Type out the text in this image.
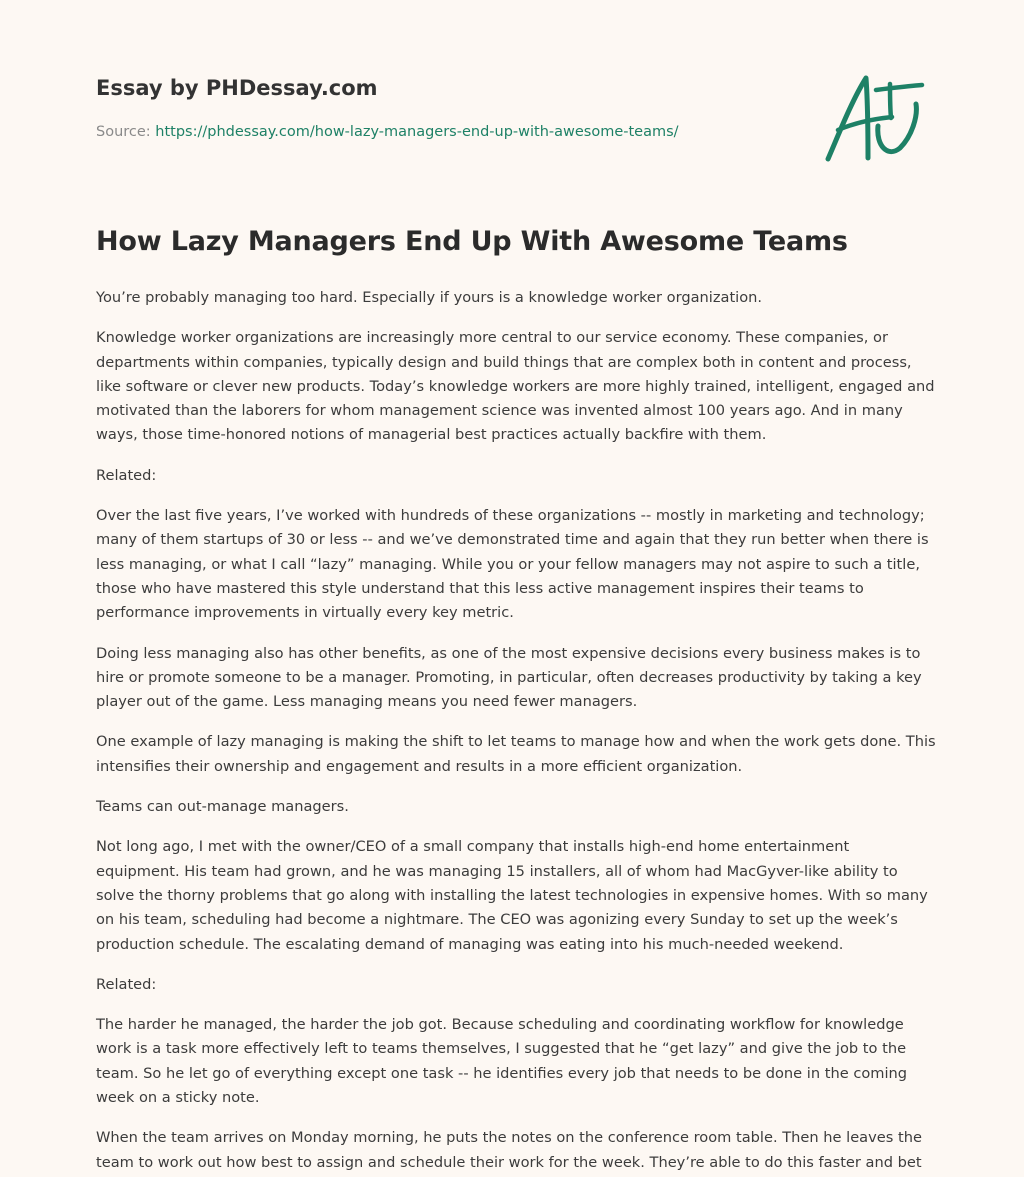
Essay by PHDessay.com

Source: https://phdessay.com/how-lazy-managers-end-up-with-awesome-teams/

How Lazy Managers End Up With Awesome Teams

You’re probably managing too hard. Especially if yours is a knowledge worker organization.

Knowledge worker organizations are increasingly more central to our service economy. These companies, or departments within companies, typically design and build things that are complex both in content and process, like software or clever new products. Today’s knowledge workers are more highly trained, intelligent, engaged and motivated than the laborers for whom management science was invented almost 100 years ago. And in many ways, those time-honored notions of managerial best practices actually backfire with them.

Related:

Over the last five years, I’ve worked with hundreds of these organizations -- mostly in marketing and technology; many of them startups of 30 or less -- and we’ve demonstrated time and again that they run better when there is less managing, or what I call “lazy” managing. While you or your fellow managers may not aspire to such a title, those who have mastered this style understand that this less active management inspires their teams to performance improvements in virtually every key metric.

Doing less managing also has other benefits, as one of the most expensive decisions every business makes is to hire or promote someone to be a manager. Promoting, in particular, often decreases productivity by taking a key player out of the game. Less managing means you need fewer managers.

One example of lazy managing is making the shift to let teams to manage how and when the work gets done. This intensifies their ownership and engagement and results in a more efficient organization.

Teams can out-manage managers.

Not long ago, I met with the owner/CEO of a small company that installs high-end home entertainment equipment. His team had grown, and he was managing 15 installers, all of whom had MacGyver-like ability to solve the thorny problems that go along with installing the latest technologies in expensive homes. With so many on his team, scheduling had become a nightmare. The CEO was agonizing every Sunday to set up the week’s production schedule. The escalating demand of managing was eating into his much-needed weekend.

Related:

The harder he managed, the harder the job got. Because scheduling and coordinating workflow for knowledge work is a task more effectively left to teams themselves, I suggested that he “get lazy” and give the job to the team. So he let go of everything except one task -- he identifies every job that needs to be done in the coming week on a sticky note.

When the team arrives on Monday morning, he puts the notes on the conference room table. Then he leaves the team to work out how best to assign and schedule their work for the week. They’re able to do this faster and bet
